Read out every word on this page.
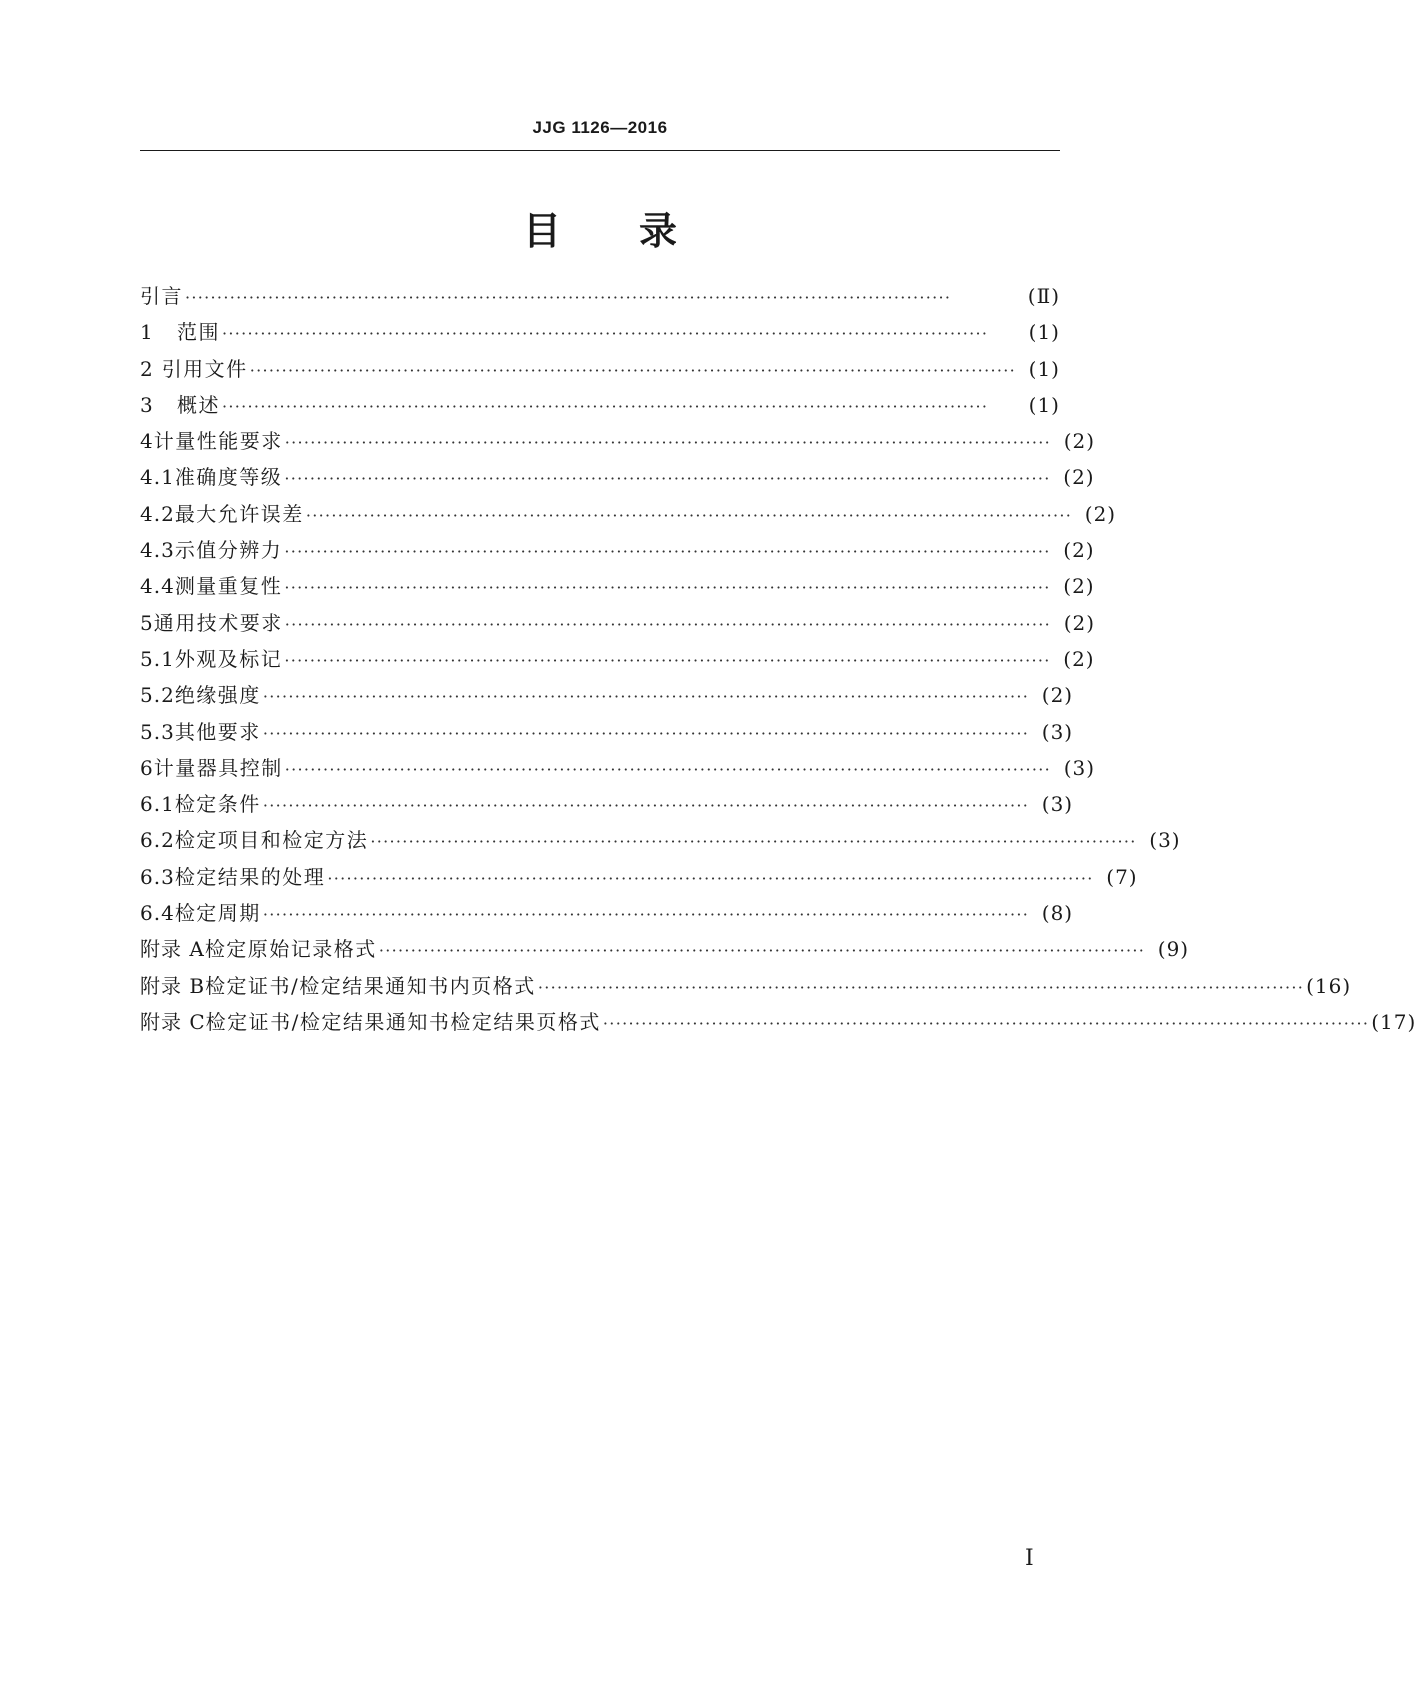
JJG 1126—2016
目 录
引言 ························································································································	(Ⅱ)
1	范围 ························································································································	(1)
2 引用文件 ························································································································ (1)
3	概述 ························································································································	(1)
4 计量性能要求 ························································································································ (2)
4.1 准确度等级 ························································································································ (2)
4.2 最大允许误差 ························································································································ (2)
4.3 示值分辨力 ························································································································ (2)
4.4 测量重复性 ························································································································ (2)
5 通用技术要求 ························································································································ (2)
5.1 外观及标记 ························································································································ (2)
5.2 绝缘强度 ························································································································ (2)
5.3 其他要求 ························································································································ (3)
6 计量器具控制 ························································································································ (3)
6.1 检定条件 ························································································································ (3)
6.2 检定项目和检定方法 ························································································································ (3)
6.3 检定结果的处理 ························································································································ (7)
6.4 检定周期 ························································································································ (8)
附录 A 检定原始记录格式 ························································································································ (9)
附录 B 检定证书/检定结果通知书内页格式 ························································································································ (16)
附录 C 检定证书/检定结果通知书检定结果页格式 ························································································································ (17)
Ⅰ
